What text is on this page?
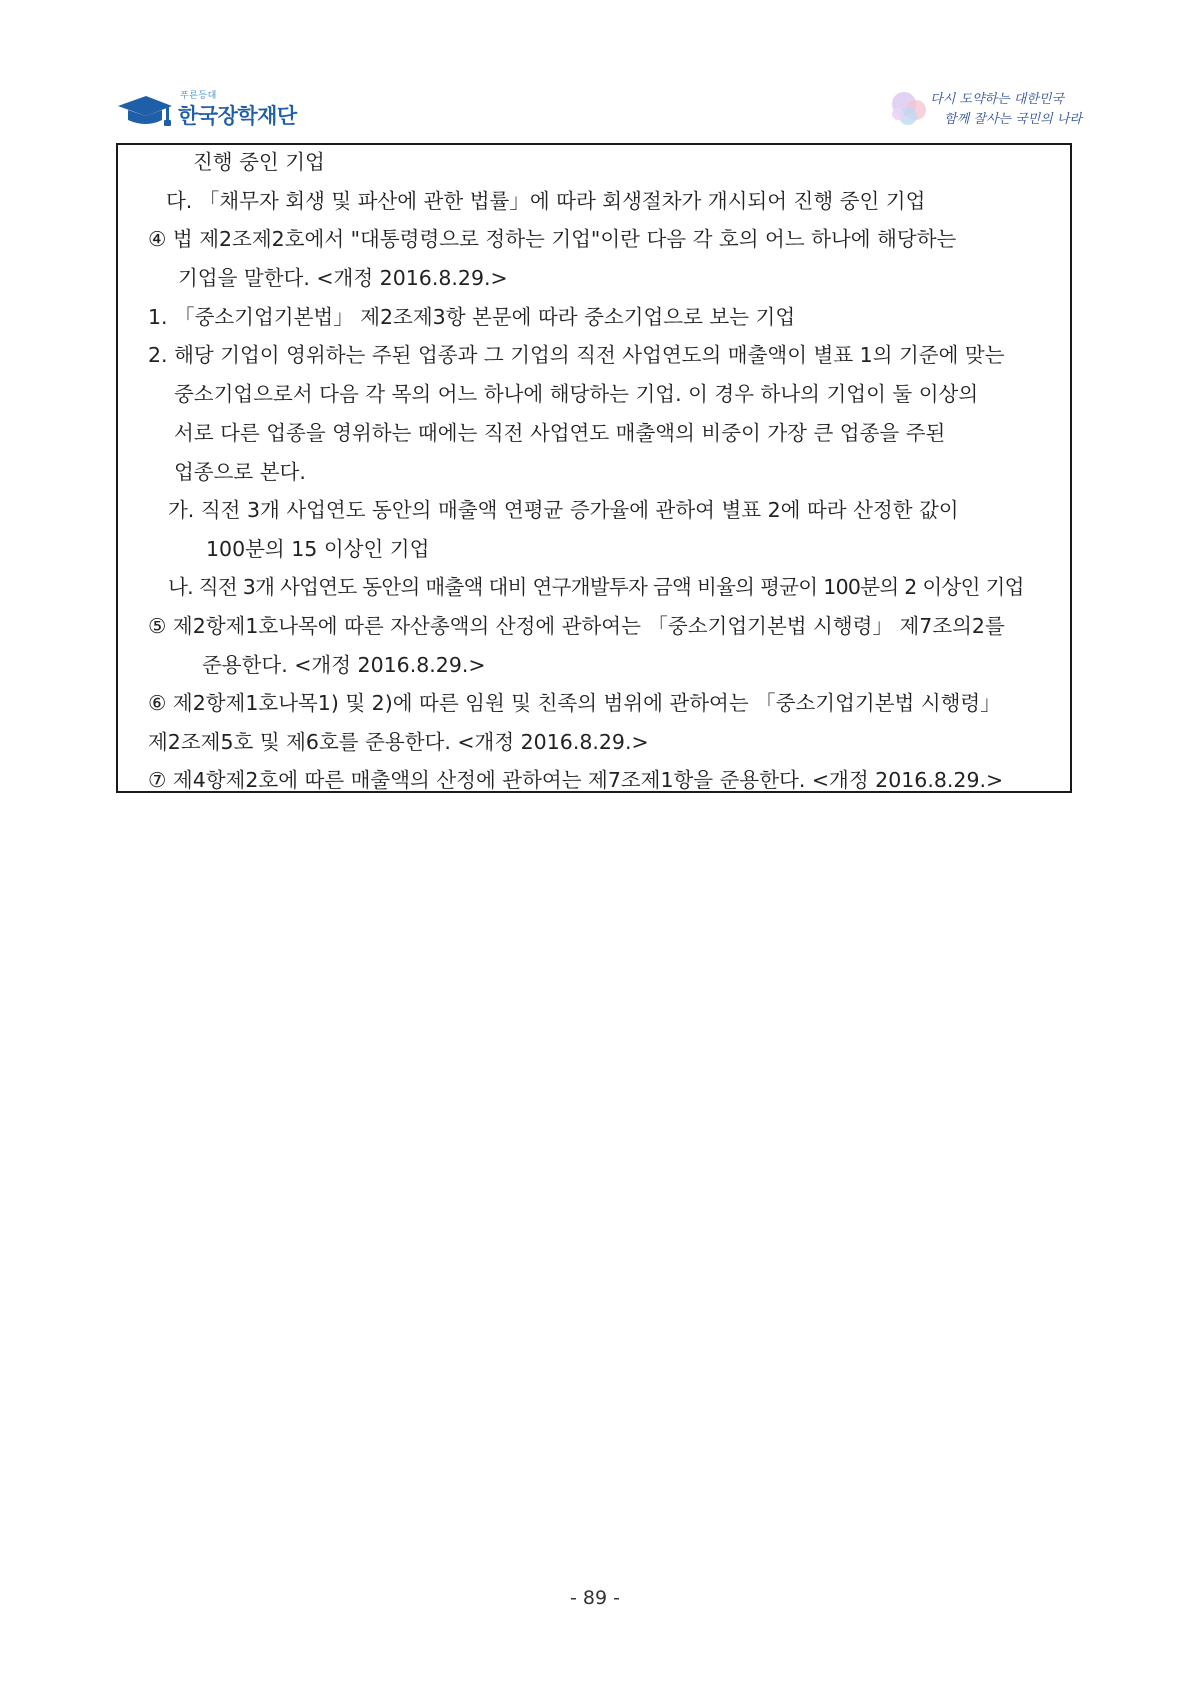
푸른등대
한국장학재단
다시 도약하는 대한민국
함께 잘사는 국민의 나라
진행 중인 기업
다. 「채무자 회생 및 파산에 관한 법률」에 따라 회생절차가 개시되어 진행 중인 기업
④ 법 제2조제2호에서 "대통령령으로 정하는 기업"이란 다음 각 호의 어느 하나에 해당하는
기업을 말한다. <개정 2016.8.29.>
1. 「중소기업기본법」 제2조제3항 본문에 따라 중소기업으로 보는 기업
2. 해당 기업이 영위하는 주된 업종과 그 기업의 직전 사업연도의 매출액이 별표 1의 기준에 맞는
중소기업으로서 다음 각 목의 어느 하나에 해당하는 기업. 이 경우 하나의 기업이 둘 이상의
서로 다른 업종을 영위하는 때에는 직전 사업연도 매출액의 비중이 가장 큰 업종을 주된
업종으로 본다.
가. 직전 3개 사업연도 동안의 매출액 연평균 증가율에 관하여 별표 2에 따라 산정한 값이
100분의 15 이상인 기업
나. 직전 3개 사업연도 동안의 매출액 대비 연구개발투자 금액 비율의 평균이 100분의 2 이상인 기업
⑤ 제2항제1호나목에 따른 자산총액의 산정에 관하여는 「중소기업기본법 시행령」 제7조의2를
준용한다. <개정 2016.8.29.>
⑥ 제2항제1호나목1) 및 2)에 따른 임원 및 친족의 범위에 관하여는 「중소기업기본법 시행령」
제2조제5호 및 제6호를 준용한다. <개정 2016.8.29.>
⑦ 제4항제2호에 따른 매출액의 산정에 관하여는 제7조제1항을 준용한다. <개정 2016.8.29.>
- 89 -
